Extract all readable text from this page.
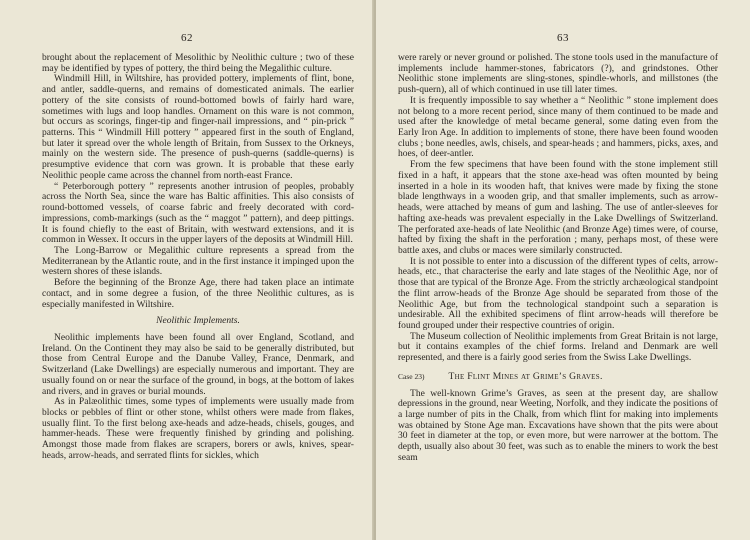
62

brought about the replacement of Mesolithic by Neolithic culture ; two of these may be identified by types of pottery, the third being the Megalithic culture.

Windmill Hill, in Wiltshire, has provided pottery, implements of flint, bone, and antler, saddle-querns, and remains of domesticated animals. The earlier pottery of the site consists of round-bottomed bowls of fairly hard ware, sometimes with lugs and loop handles. Ornament on this ware is not common, but occurs as scorings, finger-tip and finger-nail impressions, and “ pin-prick ” patterns. This “ Windmill Hill pottery ” appeared first in the south of England, but later it spread over the whole length of Britain, from Sussex to the Orkneys, mainly on the western side. The presence of push-querns (saddle-querns) is presumptive evidence that corn was grown. It is probable that these early Neolithic people came across the channel from north-east France.

“ Peterborough pottery ” represents another intrusion of peoples, probably across the North Sea, since the ware has Baltic affinities. This also consists of round-bottomed vessels, of coarse fabric and freely decorated with cord-impressions, comb-markings (such as the “ maggot ” pattern), and deep pittings. It is found chiefly to the east of Britain, with westward extensions, and it is common in Wessex. It occurs in the upper layers of the deposits at Windmill Hill.

The Long-Barrow or Megalithic culture represents a spread from the Mediterranean by the Atlantic route, and in the first instance it impinged upon the western shores of these islands.

Before the beginning of the Bronze Age, there had taken place an intimate contact, and in some degree a fusion, of the three Neolithic cultures, as is especially manifested in Wiltshire.

Neolithic Implements.

Neolithic implements have been found all over England, Scotland, and Ireland. On the Continent they may also be said to be generally distributed, but those from Central Europe and the Danube Valley, France, Denmark, and Switzerland (Lake Dwellings) are especially numerous and important. They are usually found on or near the surface of the ground, in bogs, at the bottom of lakes and rivers, and in graves or burial mounds.

As in Palæolithic times, some types of implements were usually made from blocks or pebbles of flint or other stone, whilst others were made from flakes, usually flint. To the first belong axe-heads and adze-heads, chisels, gouges, and hammer-heads. These were frequently finished by grinding and polishing. Amongst those made from flakes are scrapers, borers or awls, knives, spear-heads, arrow-heads, and serrated flints for sickles, which

63

were rarely or never ground or polished. The stone tools used in the manufacture of implements include hammer-stones, fabricators (?), and grindstones. Other Neolithic stone implements are sling-stones, spindle-whorls, and millstones (the push-quern), all of which continued in use till later times.

It is frequently impossible to say whether a “ Neolithic ” stone implement does not belong to a more recent period, since many of them continued to be made and used after the knowledge of metal became general, some dating even from the Early Iron Age. In addition to implements of stone, there have been found wooden clubs ; bone needles, awls, chisels, and spear-heads ; and hammers, picks, axes, and hoes, of deer-antler.

From the few specimens that have been found with the stone implement still fixed in a haft, it appears that the stone axe-head was often mounted by being inserted in a hole in its wooden haft, that knives were made by fixing the stone blade lengthways in a wooden grip, and that smaller implements, such as arrow-heads, were attached by means of gum and lashing. The use of antler-sleeves for hafting axe-heads was prevalent especially in the Lake Dwellings of Switzerland. The perforated axe-heads of late Neolithic (and Bronze Age) times were, of course, hafted by fixing the shaft in the perforation ; many, perhaps most, of these were battle axes, and clubs or maces were similarly constructed.

It is not possible to enter into a discussion of the different types of celts, arrow-heads, etc., that characterise the early and late stages of the Neolithic Age, nor of those that are typical of the Bronze Age. From the strictly archæological standpoint the flint arrow-heads of the Bronze Age should be separated from those of the Neolithic Age, but from the technological standpoint such a separation is undesirable. All the exhibited specimens of flint arrow-heads will therefore be found grouped under their respective countries of origin.

The Museum collection of Neolithic implements from Great Britain is not large, but it contains examples of the chief forms. Ireland and Denmark are well represented, and there is a fairly good series from the Swiss Lake Dwellings.

Case 23)	The Flint Mines at Grime’s Graves.

The well-known Grime’s Graves, as seen at the present day, are shallow depressions in the ground, near Weeting, Norfolk, and they indicate the positions of a large number of pits in the Chalk, from which flint for making into implements was obtained by Stone Age man. Excavations have shown that the pits were about 30 feet in diameter at the top, or even more, but were narrower at the bottom. The depth, usually also about 30 feet, was such as to enable the miners to work the best seam
